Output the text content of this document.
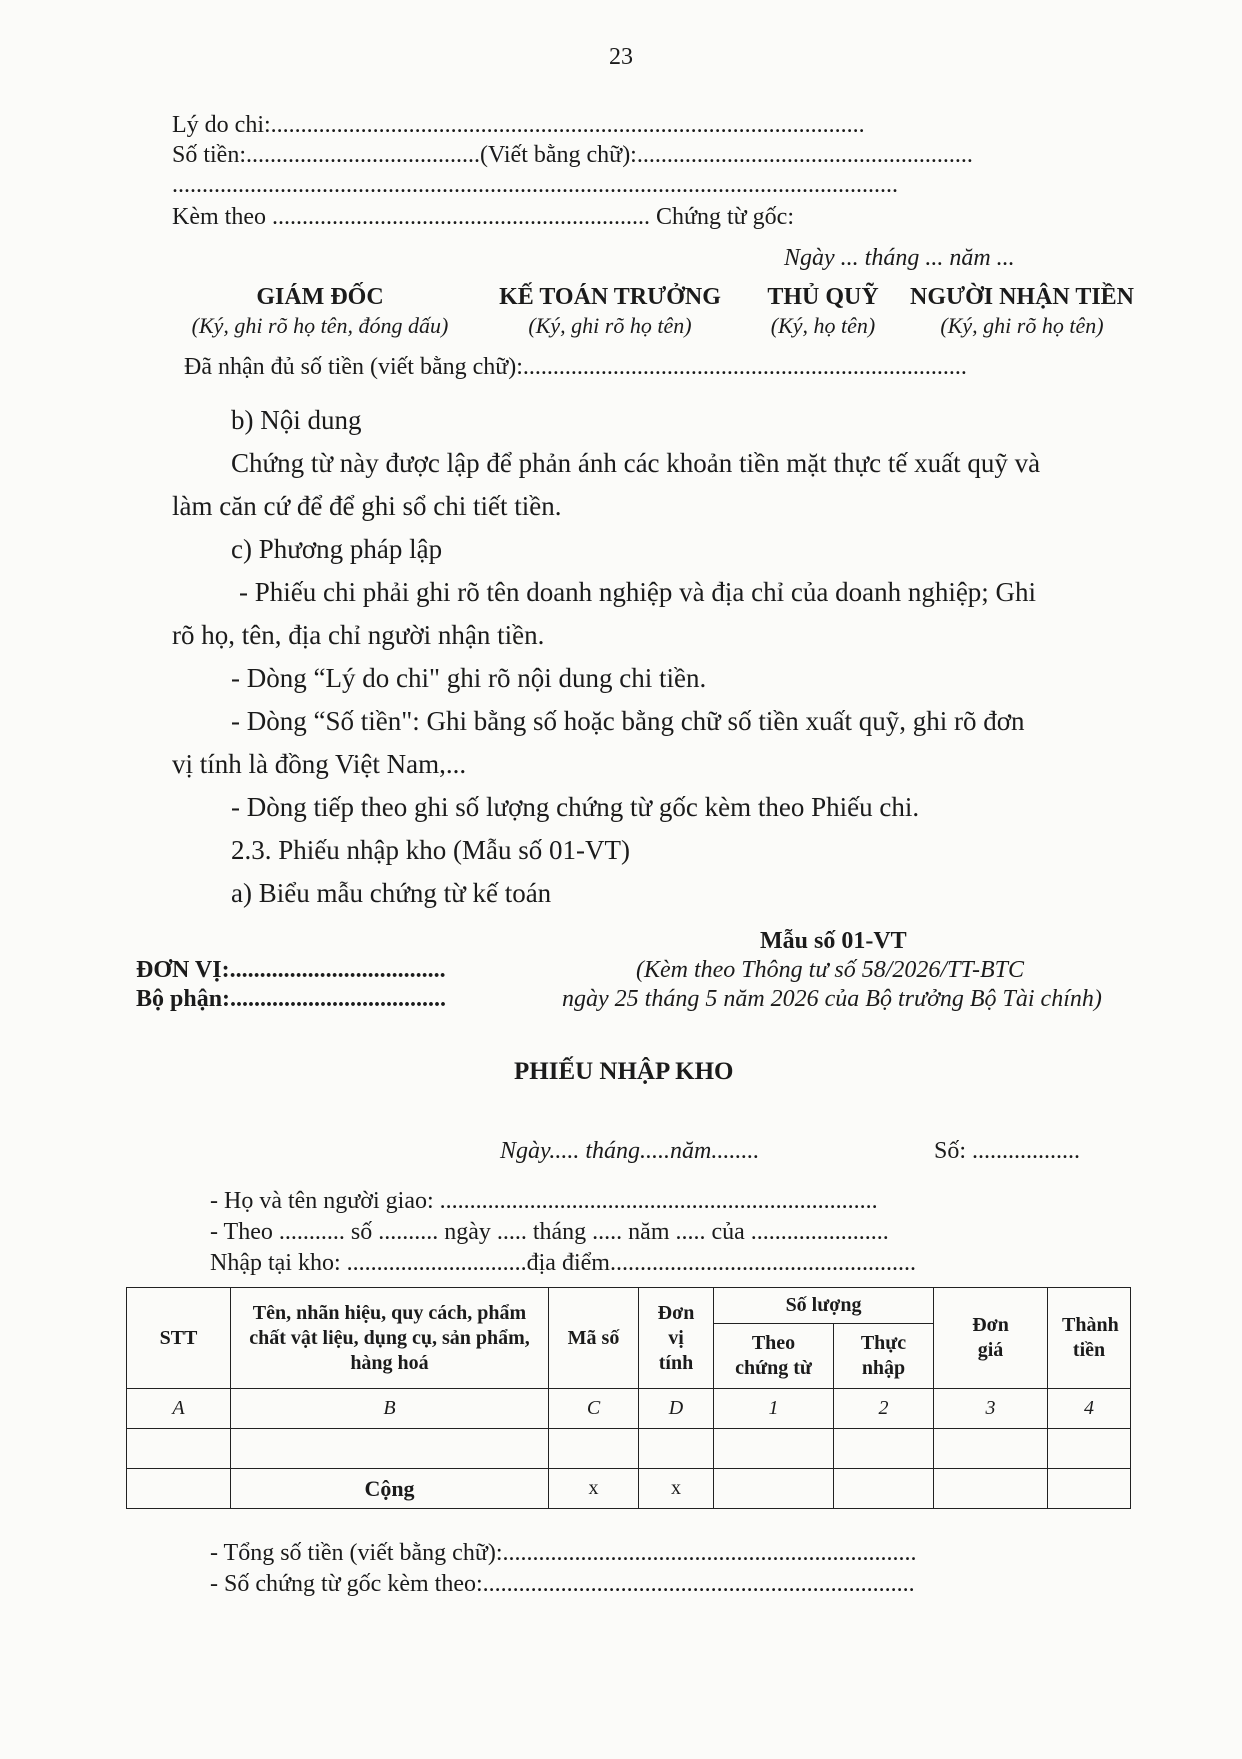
23
Lý do chi:...................................................................................................
Số tiền:.......................................(Viết bằng chữ):........................................................
.........................................................................................................................
Kèm theo ............................................................... Chứng từ gốc:
Ngày ... tháng ... năm ...
GIÁM ĐỐC
(Ký, ghi rõ họ tên, đóng dấu)
KẾ TOÁN TRƯỞNG
(Ký, ghi rõ họ tên)
THỦ QUỸ
(Ký, họ tên)
NGƯỜI NHẬN TIỀN
(Ký, ghi rõ họ tên)
Đã nhận đủ số tiền (viết bằng chữ):..........................................................................
b) Nội dung
Chứng từ này được lập để phản ánh các khoản tiền mặt thực tế xuất quỹ và
làm căn cứ để để ghi sổ chi tiết tiền.
c) Phương pháp lập
- Phiếu chi phải ghi rõ tên doanh nghiệp và địa chỉ của doanh nghiệp; Ghi
rõ họ, tên, địa chỉ người nhận tiền.
- Dòng “Lý do chi" ghi rõ nội dung chi tiền.
- Dòng “Số tiền": Ghi bằng số hoặc bằng chữ số tiền xuất quỹ, ghi rõ đơn
vị tính là đồng Việt Nam,...
- Dòng tiếp theo ghi số lượng chứng từ gốc kèm theo Phiếu chi.
2.3. Phiếu nhập kho (Mẫu số 01-VT)
a) Biểu mẫu chứng từ kế toán
Mẫu số 01-VT
ĐƠN VỊ:....................................
Bộ phận:....................................
(Kèm theo Thông tư số 58/2026/TT-BTC
ngày 25 tháng 5 năm 2026 của Bộ trưởng Bộ Tài chính)
PHIẾU NHẬP KHO
Ngày..... tháng.....năm........	Số: ..................
- Họ và tên người giao: .........................................................................
- Theo ........... số .......... ngày ..... tháng ..... năm ..... của .......................
Nhập tại kho: ..............................địa điểm...................................................
STT	Tên, nhãn hiệu, quy cách, phẩm chất vật liệu, dụng cụ, sản phẩm, hàng hoá	Mã số	Đơn vị tính	Số lượng		Đơn giá	Thành tiền
				Theo chứng từ	Thực nhập		
A	B	C	D	1	2	3	4

	Cộng	x	x				
- Tổng số tiền (viết bằng chữ):.....................................................................
- Số chứng từ gốc kèm theo:........................................................................
